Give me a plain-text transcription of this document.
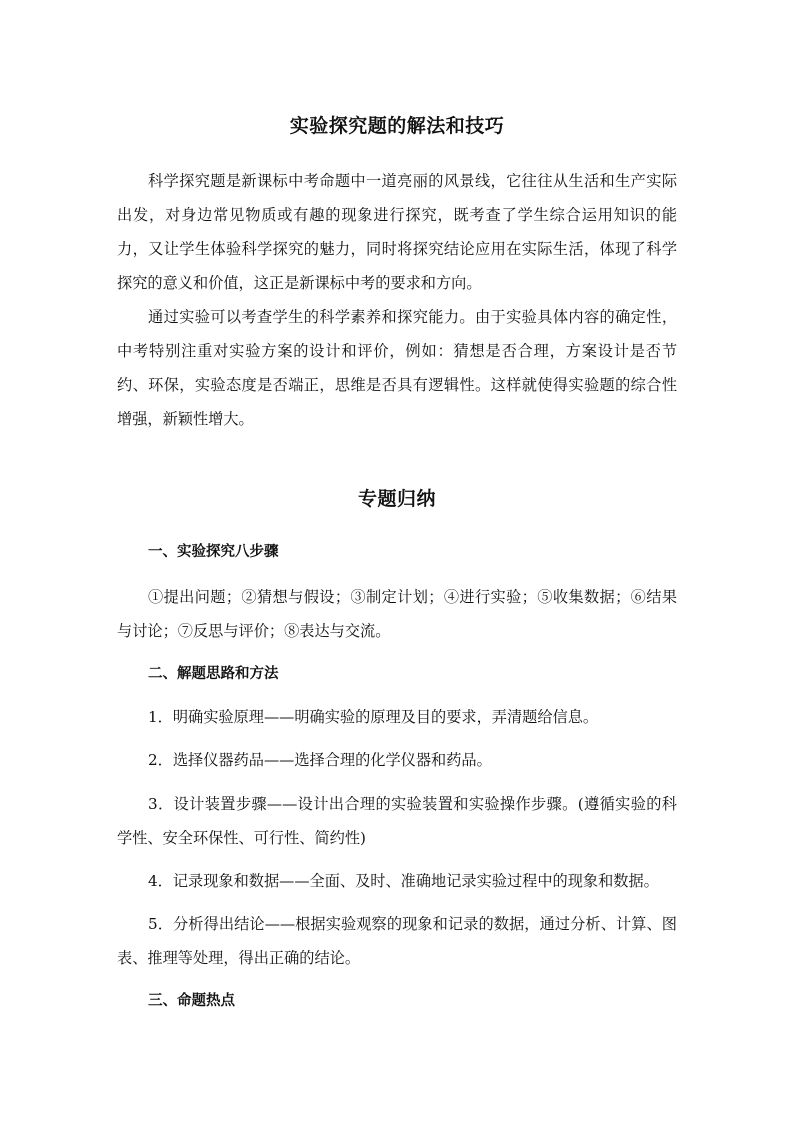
实验探究题的解法和技巧

科学探究题是新课标中考命题中一道亮丽的风景线，它往往从生活和生产实际出发，对身边常见物质或有趣的现象进行探究，既考查了学生综合运用知识的能力，又让学生体验科学探究的魅力，同时将探究结论应用在实际生活，体现了科学探究的意义和价值，这正是新课标中考的要求和方向。

通过实验可以考查学生的科学素养和探究能力。由于实验具体内容的确定性，中考特别注重对实验方案的设计和评价，例如：猜想是否合理，方案设计是否节约、环保，实验态度是否端正，思维是否具有逻辑性。这样就使得实验题的综合性增强，新颖性增大。

专题归纳
一、实验探究八步骤

①提出问题；②猜想与假设；③制定计划；④进行实验；⑤收集数据；⑥结果与讨论；⑦反思与评价；⑧表达与交流。

二、解题思路和方法

1．明确实验原理——明确实验的原理及目的要求，弄清题给信息。

2．选择仪器药品——选择合理的化学仪器和药品。

3．设计装置步骤——设计出合理的实验装置和实验操作步骤。(遵循实验的科学性、安全环保性、可行性、简约性)

4．记录现象和数据——全面、及时、准确地记录实验过程中的现象和数据。

5．分析得出结论——根据实验观察的现象和记录的数据，通过分析、计算、图表、推理等处理，得出正确的结论。

三、命题热点
